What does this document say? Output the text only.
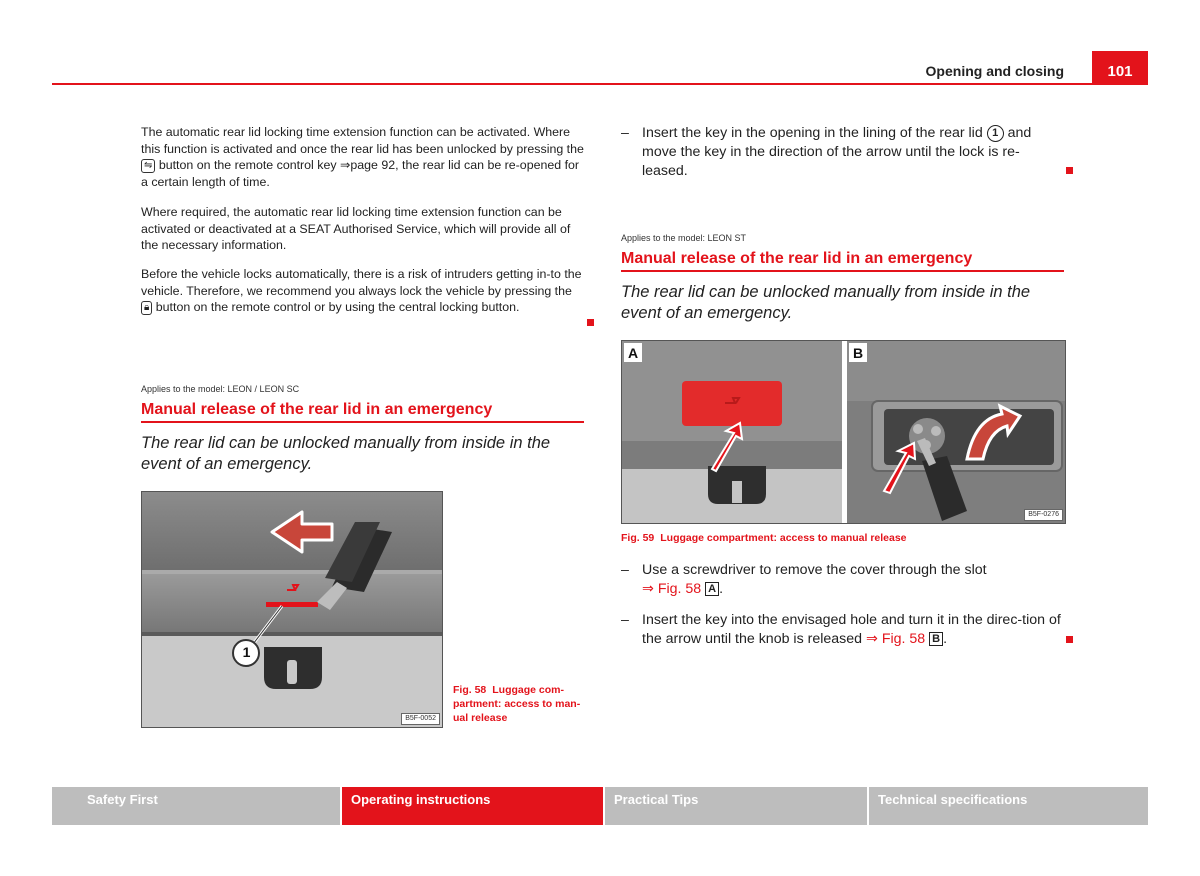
Opening and closing	101
The automatic rear lid locking time extension function can be activated. Where this function is activated and once the rear lid has been unlocked by pressing the ⇋ button on the remote control key ⇒page 92, the rear lid can be re-opened for a certain length of time.
Where required, the automatic rear lid locking time extension function can be activated or deactivated at a SEAT Authorised Service, which will provide all of the necessary information.
Before the vehicle locks automatically, there is a risk of intruders getting in-to the vehicle. Therefore, we recommend you always lock the vehicle by pressing the 🔒︎ button on the remote control or by using the central locking button.
Applies to the model: LEON / LEON SC
Manual release of the rear lid in an emergency
The rear lid can be unlocked manually from inside in the event of an emergency.
1
B5F-0052
Fig. 58 Luggage com-partment: access to man-ual release
– Insert the key in the opening in the lining of the rear lid 1 and move the key in the direction of the arrow until the lock is re-leased.
Applies to the model: LEON ST
Manual release of the rear lid in an emergency
The rear lid can be unlocked manually from inside in the event of an emergency.
A	B
B5F-0276
Fig. 59 Luggage compartment: access to manual release
– Use a screwdriver to remove the cover through the slot
⇒ Fig. 58 A .
– Insert the key into the envisaged hole and turn it in the direc-tion of the arrow until the knob is released ⇒ Fig. 58 B .
Safety First	Operating instructions	Practical Tips	Technical specifications
